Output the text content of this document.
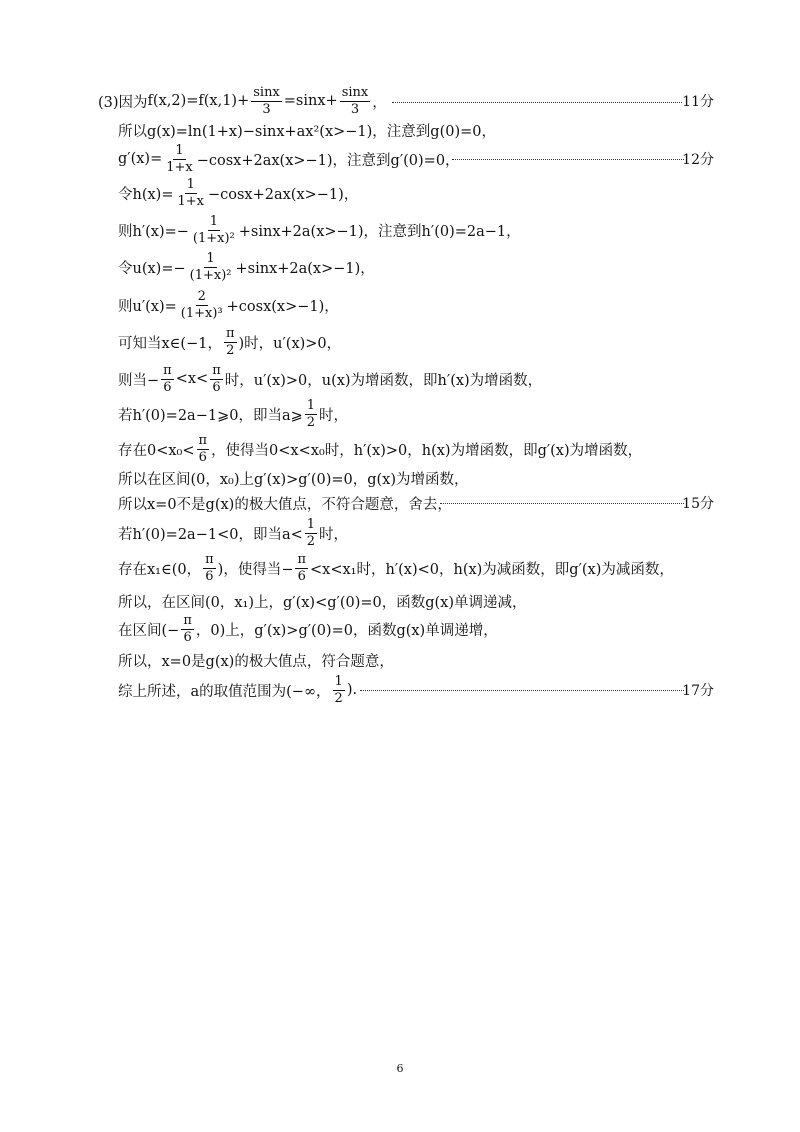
(3)因为 $f(x,2)=f(x,1)+ \frac{\sin x}{3} =\sin x+ \frac{\sin x}{3}$ ，	11分
所以g(x)=ln(1+x)−sinx+ax²(x>−1)，注意到g(0)=0，
$g'(x)= \frac{1}{1+x} -\cos x+2ax(x>-1)$，注意到g′(0)=0，	12分
令$h(x)= \frac{1}{1+x} -\cos x+2ax(x>-1)$，
则$h'(x)=- \frac{1}{\text{(1+x)²}} +\sin x+2a(x>-1)$，注意到h′(0)=2a−1，
令$u(x)=- \frac{1}{\text{(1+x)²}} +\sin x+2a(x>-1)$，
则$u'(x)= \frac{2}{\text{(1+x)³}} +\cos x(x>-1)$，
可知当x∈(−1， $\frac{\pi}{2}$ )时，u′(x)>0，
则当− $\frac{\pi}{6} <x< \frac{\pi}{6}$ 时，u′(x)>0，u(x)为增函数，即h′(x)为增函数，
若h′(0)=2a−1⩾0，即当a⩾ $\frac{1}{2}$ 时，
存在$0<x_0< \frac{\pi}{6}$ ，使得当0<x<x₀时，h′(x)>0，h(x)为增函数，即g′(x)为增函数，
所以在区间(0，x₀)上g′(x)>g′(0)=0，g(x)为增函数，
所以x=0不是g(x)的极大值点，不符合题意，舍去，	15分
若h′(0)=2a−1<0，即当$a< \frac{1}{2}$ 时，
存在x₁∈(0， $\frac{\pi}{6}$ )，使得当− $\frac{\pi}{6} <x<x_1$时，h′(x)<0，h(x)为减函数，即g′(x)为减函数，
所以，在区间(0，x₁)上，g′(x)<g′(0)=0，函数g(x)单调递减，
在区间(− $\frac{\pi}{6}$ ，0)上，g′(x)>g′(0)=0，函数g(x)单调递增，
所以，x=0是g(x)的极大值点，符合题意，
综上所述，a的取值范围为(−∞， $\frac{1}{2}$ ).	17分
6
